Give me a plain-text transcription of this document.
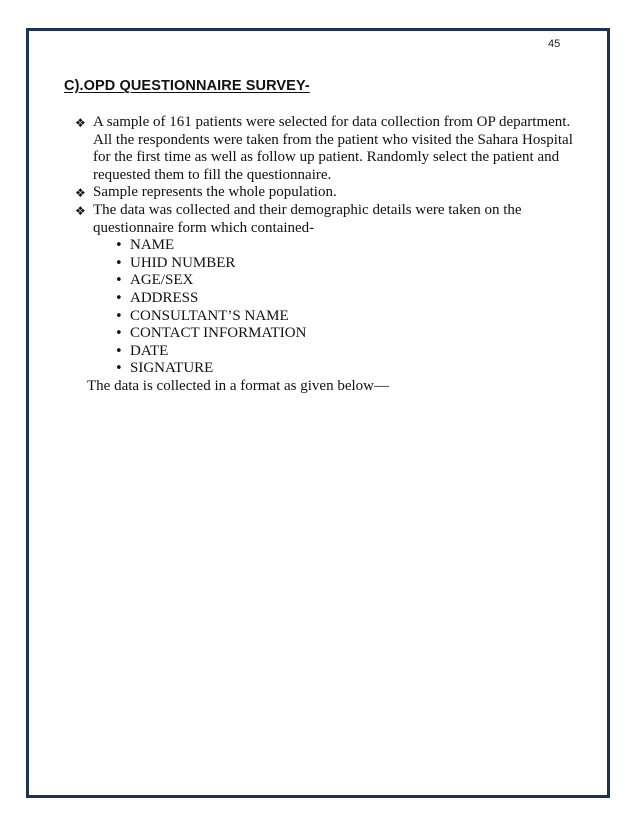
45
C).OPD QUESTIONNAIRE SURVEY-
❖ A sample of 161 patients were selected for data collection from OP department. All the respondents were taken from the patient who visited the Sahara Hospital for the first time as well as follow up patient. Randomly select the patient and requested them to fill the questionnaire.
❖ Sample represents the whole population.
❖ The data was collected and their demographic details were taken on the questionnaire form which contained-
• NAME
• UHID NUMBER
• AGE/SEX
• ADDRESS
• CONSULTANT’S NAME
• CONTACT INFORMATION
• DATE
• SIGNATURE

The data is collected in a format as given below—
